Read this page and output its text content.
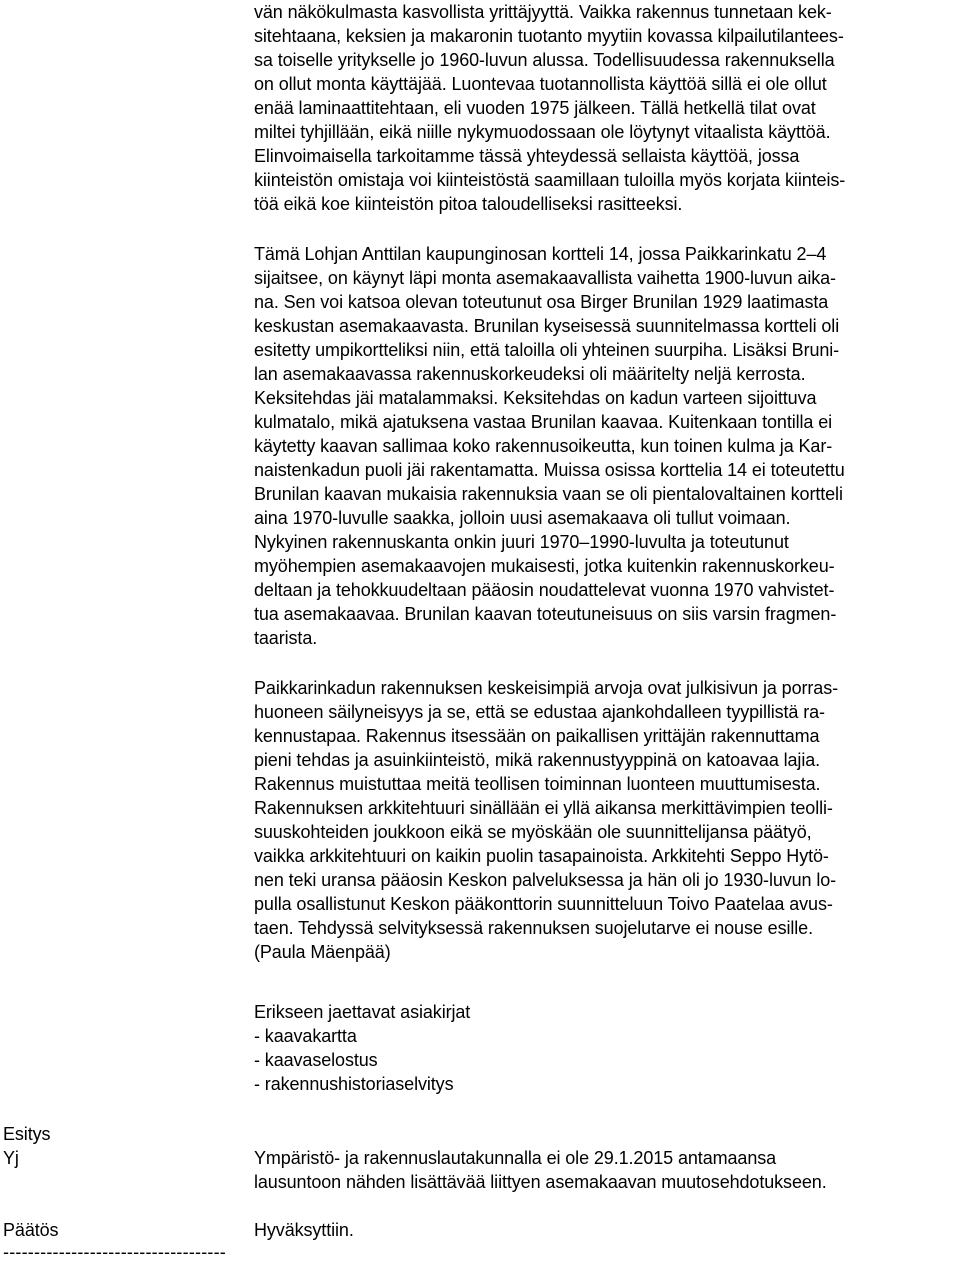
vän näkökulmasta kasvollista yrittäjyyttä. Vaikka rakennus tunnetaan kek-
sitehtaana, keksien ja makaronin tuotanto myytiin kovassa kilpailutilantees-
sa toiselle yritykselle jo 1960-luvun alussa. Todellisuudessa rakennuksella
on ollut monta käyttäjää. Luontevaa tuotannollista käyttöä sillä ei ole ollut
enää laminaattitehtaan, eli vuoden 1975 jälkeen. Tällä hetkellä tilat ovat
miltei tyhjillään, eikä niille nykymuodossaan ole löytynyt vitaalista käyttöä.
Elinvoimaisella tarkoitamme tässä yhteydessä sellaista käyttöä, jossa
kiinteistön omistaja voi kiinteistöstä saamillaan tuloilla myös korjata kiinteis-
töä eikä koe kiinteistön pitoa taloudelliseksi rasitteeksi.
Tämä Lohjan Anttilan kaupunginosan kortteli 14, jossa Paikkarinkatu 2–4
sijaitsee, on käynyt läpi monta asemakaavallista vaihetta 1900-luvun aika-
na. Sen voi katsoa olevan toteutunut osa Birger Brunilan 1929 laatimasta
keskustan asemakaavasta. Brunilan kyseisessä suunnitelmassa kortteli oli
esitetty umpikortteliksi niin, että taloilla oli yhteinen suurpiha. Lisäksi Bruni-
lan asemakaavassa rakennuskorkeudeksi oli määritelty neljä kerrosta.
Keksitehdas jäi matalammaksi. Keksitehdas on kadun varteen sijoittuva
kulmatalo, mikä ajatuksena vastaa Brunilan kaavaa. Kuitenkaan tontilla ei
käytetty kaavan sallimaa koko rakennusoikeutta, kun toinen kulma ja Kar-
naistenkadun puoli jäi rakentamatta. Muissa osissa korttelia 14 ei toteutettu
Brunilan kaavan mukaisia rakennuksia vaan se oli pientalovaltainen kortteli
aina 1970-luvulle saakka, jolloin uusi asemakaava oli tullut voimaan.
Nykyinen rakennuskanta onkin juuri 1970–1990-luvulta ja toteutunut
myöhempien asemakaavojen mukaisesti, jotka kuitenkin rakennuskorkeu-
deltaan ja tehokkuudeltaan pääosin noudattelevat vuonna 1970 vahvistet-
tua asemakaavaa. Brunilan kaavan toteutuneisuus on siis varsin fragmen-
taarista.
Paikkarinkadun rakennuksen keskeisimpiä arvoja ovat julkisivun ja porras-
huoneen säilyneisyys ja se, että se edustaa ajankohdalleen tyypillistä ra-
kennustapaa. Rakennus itsessään on paikallisen yrittäjän rakennuttama
pieni tehdas ja asuinkiinteistö, mikä rakennustyyppinä on katoavaa lajia.
Rakennus muistuttaa meitä teollisen toiminnan luonteen muuttumisesta.
Rakennuksen arkkitehtuuri sinällään ei yllä aikansa merkittävimpien teolli-
suuskohteiden joukkoon eikä se myöskään ole suunnittelijansa päätyö,
vaikka arkkitehtuuri on kaikin puolin tasapainoista. Arkkitehti Seppo Hytö-
nen teki uransa pääosin Keskon palveluksessa ja hän oli jo 1930-luvun lo-
pulla osallistunut Keskon pääkonttorin suunnitteluun Toivo Paatelaa avus-
taen. Tehdyssä selvityksessä rakennuksen suojelutarve ei nouse esille.
(Paula Mäenpää)
Erikseen jaettavat asiakirjat
- kaavakartta
- kaavaselostus
- rakennushistoriaselvitys
Esitys
Yj	Ympäristö- ja rakennuslautakunnalla ei ole 29.1.2015 antamaansa
lausuntoon nähden lisättävää liittyen asemakaavan muutosehdotukseen.
Päätös	Hyväksyttiin.
------------------------------------
